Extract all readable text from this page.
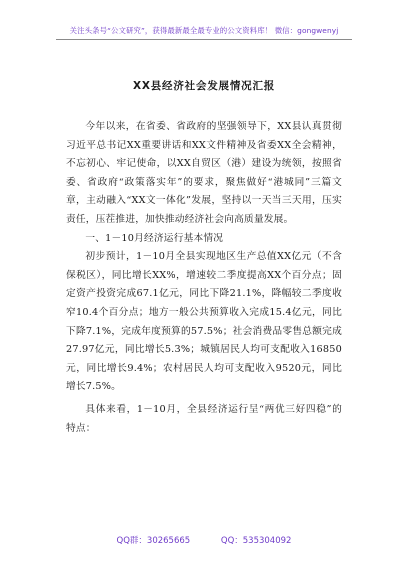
关注头条号“公文研究”，获得最新最全最专业的公文资料库！ 微信：gongwenyj
XX县经济社会发展情况汇报

今年以来，在省委、省政府的坚强领导下，XX县认真贯彻习近平总书记XX重要讲话和XX文件精神及省委XX全会精神，不忘初心、牢记使命，以XX自贸区（港）建设为统领，按照省委、省政府“政策落实年”的要求，聚焦做好“港城同”三篇文章，主动融入“XX文一体化”发展，坚持以一天当三天用，压实责任，压茬推进，加快推动经济社会向高质量发展。

一、1－10月经济运行基本情况

初步预计，1－10月全县实现地区生产总值XX亿元（不含保税区），同比增长XX%，增速较二季度提高XX个百分点；固定资产投资完成67.1亿元，同比下降21.1%，降幅较二季度收窄10.4个百分点；地方一般公共预算收入完成15.4亿元，同比下降7.1%，完成年度预算的57.5%；社会消费品零售总额完成27.97亿元，同比增长5.3%；城镇居民人均可支配收入16850元，同比增长9.4%；农村居民人均可支配收入9520元，同比增长7.5%。

具体来看，1－10月，全县经济运行呈“两优三好四稳”的特点：

QQ群：30265665	QQ：535304092
